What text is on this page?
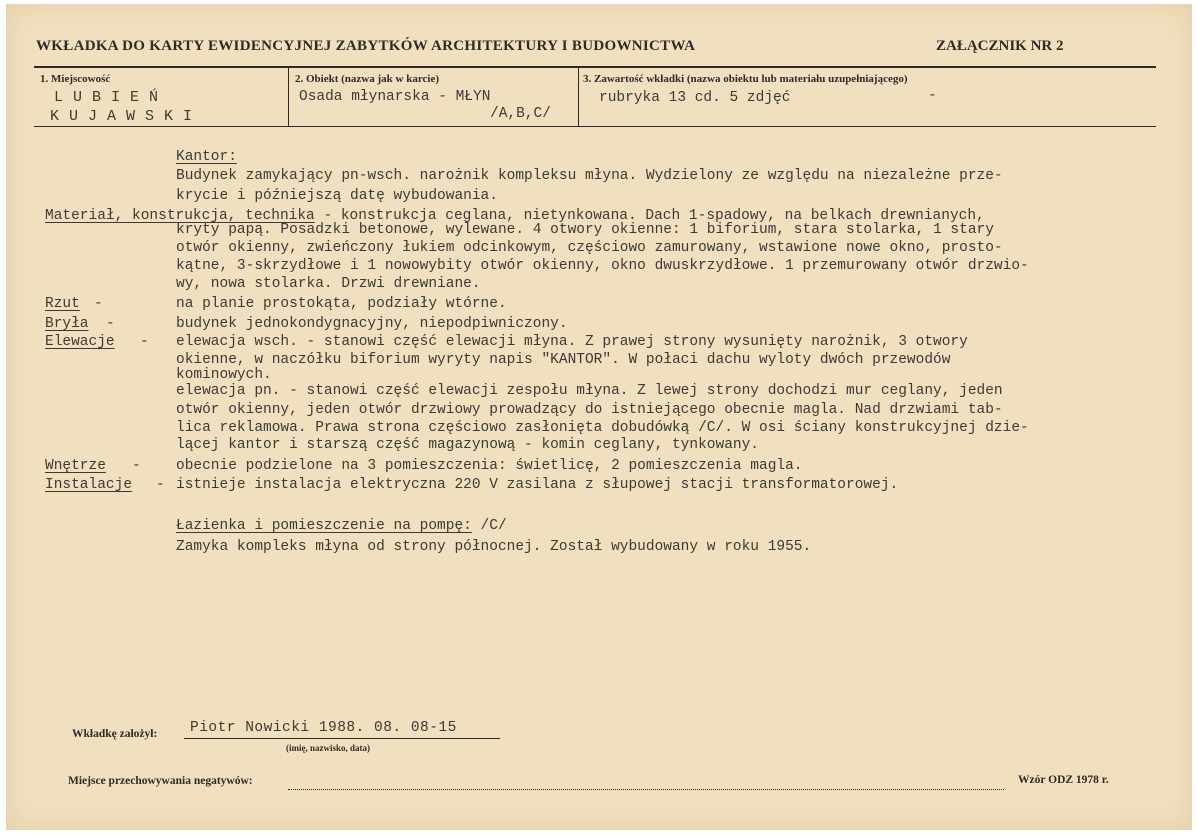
WKŁADKA DO KARTY EWIDENCYJNEJ ZABYTKÓW ARCHITEKTURY I BUDOWNICTWA	ZAŁĄCZNIK NR 2
1. Miejscowość
LUBIEŃ
KUJAWSKI
2. Obiekt (nazwa jak w karcie)
Osada młynarska - MŁYN
/A,B,C/
3. Zawartość wkładki (nazwa obiektu lub materiału uzupełniającego)
rubryka 13 cd. 5 zdjęć	-
Kantor:
Budynek zamykający pn-wsch. narożnik kompleksu młyna. Wydzielony ze względu na niezależne prze-
krycie i późniejszą datę wybudowania.
Materiał, konstrukcja, technika - konstrukcja ceglana, nietynkowana. Dach 1-spadowy, na belkach drewnianych,
kryty papą. Posadzki betonowe, wylewane. 4 otwory okienne: 1 biforium, stara stolarka, 1 stary
otwór okienny, zwieńczony łukiem odcinkowym, częściowo zamurowany, wstawione nowe okno, prosto-
kątne, 3-skrzydłowe i 1 nowowybity otwór okienny, okno dwuskrzydłowe. 1 przemurowany otwór drzwio-
wy, nowa stolarka. Drzwi drewniane.
Rzut -	na planie prostokąta, podziały wtórne.
Bryła -	budynek jednokondygnacyjny, niepodpiwniczony.
Elewacje - elewacja wsch. - stanowi część elewacji młyna. Z prawej strony wysunięty narożnik, 3 otwory
okienne, w naczółku biforium wyryty napis "KANTOR". W połaci dachu wyloty dwóch przewodów
kominowych.
elewacja pn. - stanowi część elewacji zespołu młyna. Z lewej strony dochodzi mur ceglany, jeden
otwór okienny, jeden otwór drzwiowy prowadzący do istniejącego obecnie magla. Nad drzwiami tab-
lica reklamowa. Prawa strona częściowo zasłonięta dobudówką /C/. W osi ściany konstrukcyjnej dzie-
lącej kantor i starszą część magazynową - komin ceglany, tynkowany.
Wnętrze - obecnie podzielone na 3 pomieszczenia: świetlicę, 2 pomieszczenia magla.
Instalacje - istnieje instalacja elektryczna 220 V zasilana z słupowej stacji transformatorowej.
Łazienka i pomieszczenie na pompę: /C/
Zamyka kompleks młyna od strony północnej. Został wybudowany w roku 1955.
Wkładkę założył: Piotr Nowicki 1988. 08. 08-15
(imię, nazwisko, data)
Miejsce przechowywania negatywów:	Wzór ODZ 1978 r.
